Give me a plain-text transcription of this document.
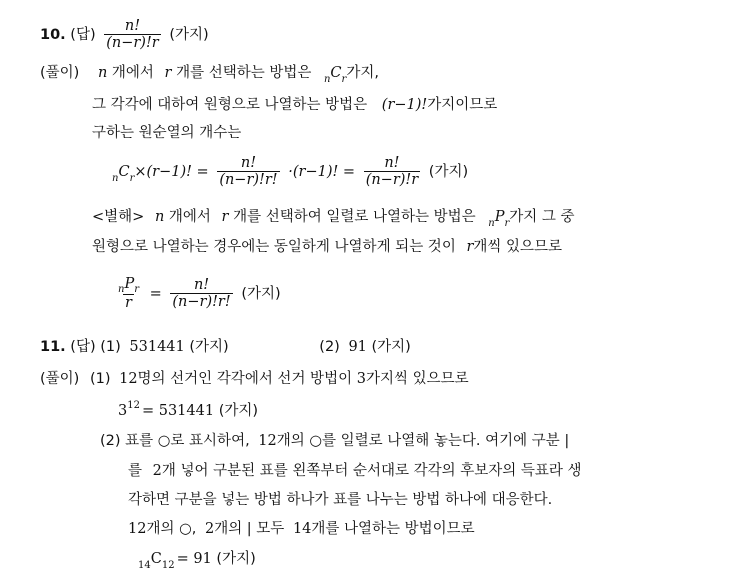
10. (답) $\frac{n!}{(n-r)!r}$ (가지)
(풀이) n 개에서 r 개를 선택하는 방법은 $_nC_r$가지,
그 각각에 대하여 원형으로 나열하는 방법은 (r−1)!가지이므로
구하는 원순열의 개수는
$_nC_r\times(r-1)$! = $\frac{n!}{(n-r)!r!} \cdot(r-1)$! = $\frac{n!}{(n-r)!r}$ (가지)
<별해> n 개에서 r 개를 선택하여 일렬로 나열하는 방법은 $_nP_r$가지 그 중
원형으로 나열하는 경우에는 동일하게 나열하게 되는 것이 r개씩 있으므로
$\frac{_nP_r}{r} = \frac{n!}{(n-r)!r!}$ (가지)
11. (답) (1) 531441 (가지)	(2) 91 (가지)
(풀이) (1) 12명의 선거인 각각에서 선거 방법이 3가지씩 있으므로
$3^{12} = 531441$ (가지)
(2) 표를 ○로 표시하여, 12개의 ○를 일렬로 나열해 놓는다. 여기에 구분 |
를 2개 넣어 구분된 표를 왼쪽부터 순서대로 각각의 후보자의 득표라 생
각하면 구분을 넣는 방법 하나가 표를 나누는 방법 하나에 대응한다.
12개의 ○, 2개의 | 모두 14개를 나열하는 방법이므로
$_{14}C_{12} = 91$ (가지)
